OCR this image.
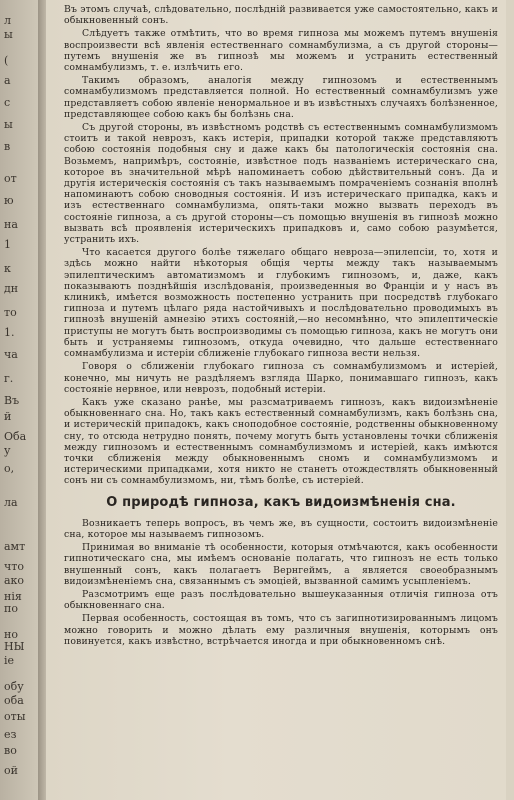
л
ы
(
а
с
ы
в
от
ю
на
1
к
дн
то
1.
ча
г.
Въ
й
Оба
у
о,
ла
амт
что
ако
нія
по
но
НЫ
іе
обу
оба
оты
ез
во
ой

Въ этомъ случаѣ, слѣдовательно, послѣдній развивается уже самостоятельно, какъ и обыкновенный сонъ.

Слѣдуетъ также отмѣтить, что во время гипноза мы можемъ путемъ внушенія воспроизвести всѣ явленія естественнаго сомнамбулизма, а съ другой стороны—путемъ внушенія же въ гипнозѣ мы можемъ и устранить естественный сомнамбулизмъ, т. е. излѣчить его.

Такимъ образомъ, аналогія между гипнозомъ и естественнымъ сомнамбулизмомъ представляется полной. Но естественный сомнамбулизмъ уже представляетъ собою явленіе ненормальное и въ извѣстныхъ случаяхъ болѣзненное, представляющее собою какъ бы болѣзнь сна.

Съ другой стороны, въ извѣстномъ родствѣ съ естественнымъ сомнамбулизмомъ стоитъ и такой неврозъ, какъ истерія, припадки которой также представляютъ собою состоянія подобныя сну и даже какъ бы патологическія состоянія сна. Возьмемъ, напримѣръ, состояніе, извѣстное подъ названіемъ истерическаго сна, которое въ значительной мѣрѣ напоминаетъ собою дѣйствительный сонъ. Да и другія истерическія состоянія съ такъ называемымъ помраченіемъ сознанія вполнѣ напоминаютъ собою сноводныя состоянія. И изъ истерическаго припадка, какъ и изъ естественнаго сомнамбулизма, опять-таки можно вызвать переходъ въ состояніе гипноза, а съ другой стороны—съ помощью внушенія въ гипнозѣ можно вызвать всѣ проявленія истерическихъ припадковъ и, само собою разумѣется, устранить ихъ.

Что касается другого болѣе тяжелаго общаго невроза—эпилепсіи, то, хотя и здѣсь можно найти нѣкоторыя общія черты между такъ называемымъ эпилептическимъ автоматизмомъ и глубокимъ гипнозомъ, и, даже, какъ показываютъ позднѣйшія изслѣдованія, произведенныя во Франціи и у насъ въ клиникѣ, имѣется возможность постепенно устранить при посредствѣ глубокаго гипноза и путемъ цѣлаго ряда настойчивыхъ и послѣдовательно проводимыхъ въ гипнозѣ внушеній амнезію этихъ состояній,—но несомнѣнно, что эпилептическіе приступы не могутъ быть воспроизводимы съ помощью гипноза, какъ не могутъ они быть и устраняемы гипнозомъ, откуда очевидно, что дальше естественнаго сомнамбулизма и истеріи сближеніе глубокаго гипноза вести нельзя.

Говоря о сближеніи глубокаго гипноза съ сомнамбулизмомъ и истеріей, конечно, мы ничуть не раздѣляемъ взгляда Шарко, понимавшаго гипнозъ, какъ состояніе нервное, или неврозъ, подобный истеріи.

Какъ уже сказано ранѣе, мы разсматриваемъ гипнозъ, какъ видоизмѣненіе обыкновеннаго сна. Но, такъ какъ естественный сомнамбулизмъ, какъ болѣзнь сна, и истерическій припадокъ, какъ сноподобное состояніе, родственны обыкновенному сну, то отсюда нетрудно понять, почему могутъ быть установлены точки сближенія между гипнозомъ и естественнымъ сомнамбулизмомъ и истеріей, какъ имѣются точки сближенія между обыкновеннымъ сномъ и сомнамбулизмомъ и истерическими припадками, хотя никто не станетъ отождествлять обыкновенный сонъ ни съ сомнамбулизмомъ, ни, тѣмъ болѣе, съ истеріей.

О природѣ гипноза, какъ видоизмѣненія сна.

Возникаетъ теперь вопросъ, въ чемъ же, въ сущности, состоитъ видоизмѣненіе сна, которое мы называемъ гипнозомъ.

Принимая во вниманіе тѣ особенности, которыя отмѣчаются, какъ особенности гипнотическаго сна, мы имѣемъ основаніе полагать, что гипнозъ не есть только внушенный сонъ, какъ полагаетъ Вернгеймъ, а является своеобразнымъ видоизмѣненіемъ сна, связаннымъ съ эмоціей, вызванной самимъ усыпленіемъ.

Разсмотримъ еще разъ послѣдовательно вышеуказанныя отличія гипноза отъ обыкновеннаго сна.

Первая особенность, состоящая въ томъ, что съ загипнотизированнымъ лицомъ можно говорить и можно дѣлать ему различныя внушенія, которымъ онъ повинуется, какъ извѣстно, встрѣчается иногда и при обыкновенномъ снѣ.
